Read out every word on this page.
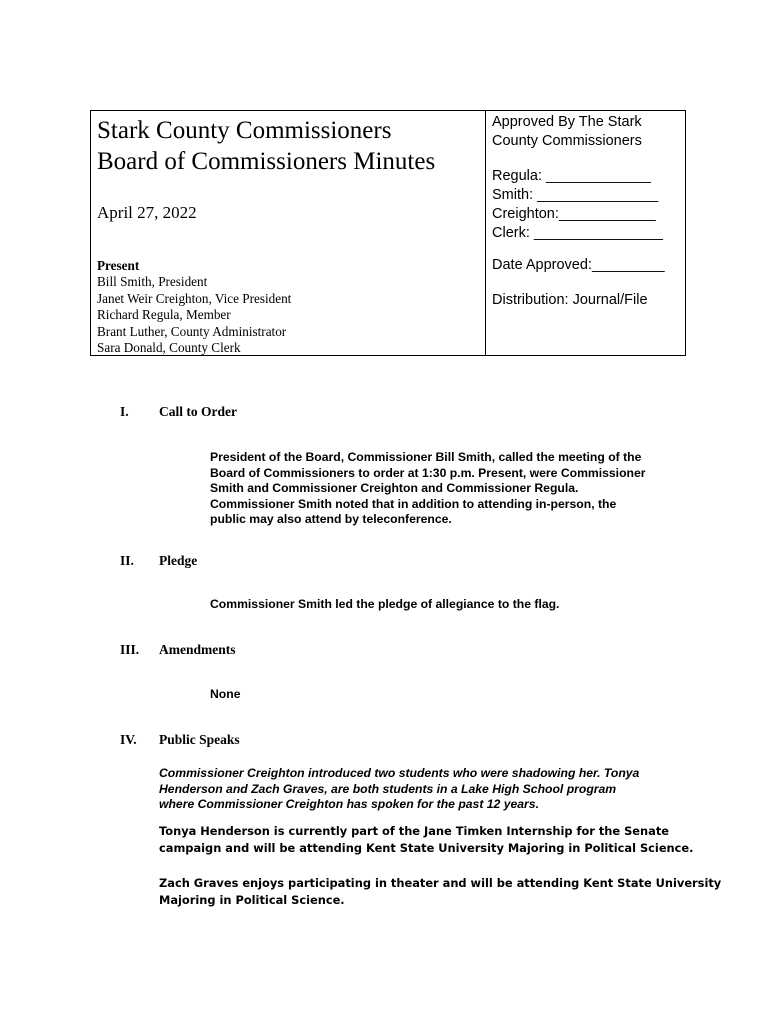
Stark County Commissioners
Board of Commissioners Minutes
April 27, 2022
Present
Bill Smith, President
Janet Weir Creighton, Vice President
Richard Regula, Member
Brant Luther, County Administrator
Sara Donald, County Clerk
Approved By The Stark
County Commissioners
Regula: _____________
Smith: _______________
Creighton:____________
Clerk: ________________
Date Approved:_________
Distribution: Journal/File
I. Call to Order
President of the Board, Commissioner Bill Smith, called the meeting of the
Board of Commissioners to order at 1:30 p.m. Present, were Commissioner
Smith and Commissioner Creighton and Commissioner Regula.
Commissioner Smith noted that in addition to attending in-person, the
public may also attend by teleconference.
II. Pledge
Commissioner Smith led the pledge of allegiance to the flag.
III. Amendments
None
IV. Public Speaks
Commissioner Creighton introduced two students who were shadowing her. Tonya
Henderson and Zach Graves, are both students in a Lake High School program
where Commissioner Creighton has spoken for the past 12 years.
Tonya Henderson is currently part of the Jane Timken Internship for the Senate
campaign and will be attending Kent State University Majoring in Political Science.
Zach Graves enjoys participating in theater and will be attending Kent State University
Majoring in Political Science.
